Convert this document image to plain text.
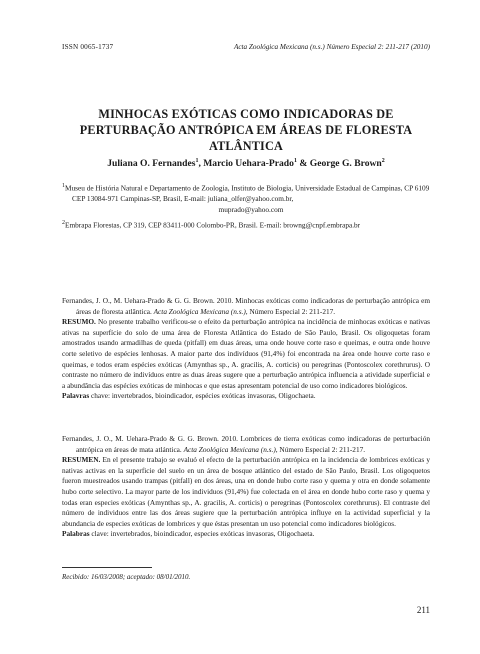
ISSN 0065-1737	Acta Zoológica Mexicana (n.s.) Número Especial 2: 211-217 (2010)
MINHOCAS EXÓTICAS COMO INDICADORAS DE
PERTURBAÇÃO ANTRÓPICA EM ÁREAS DE FLORESTA
ATLÂNTICA
Juliana O. Fernandes$^1$, Marcio Uehara-Prado$^1$ & George G. Brown$^2$
$^1$Museu de História Natural e Departamento de Zoologia, Instituto de Biologia, Universidade Estadual de Campinas, CP 6109 CEP 13084-971 Campinas-SP, Brasil, E-mail: juliana_olfer@yahoo.com.br,
muprado@yahoo.com
$^2$Embrapa Florestas, CP 319, CEP 83411-000 Colombo-PR, Brasil. E-mail: browng@cnpf.embrapa.br
Fernandes, J. O., M. Uehara-Prado & G. G. Brown. 2010. Minhocas exóticas como indicadoras de perturbação antrópica em áreas de floresta atlântica. Acta Zoológica Mexicana (n.s.), Número Especial 2: 211-217.
RESUMO. No presente trabalho verificou-se o efeito da perturbação antrópica na incidência de minhocas exóticas e nativas ativas na superfície do solo de uma área de Floresta Atlântica do Estado de São Paulo, Brasil. Os oligoquetas foram amostrados usando armadilhas de queda (pitfall) em duas áreas, uma onde houve corte raso e queimas, e outra onde houve corte seletivo de espécies lenhosas. A maior parte dos indivíduos (91,4%) foi encontrada na área onde houve corte raso e queimas, e todos eram espécies exóticas (Amynthas sp., A. gracilis, A. corticis) ou peregrinas (Pontoscolex corethrurus). O contraste no número de indivíduos entre as duas áreas sugere que a perturbação antrópica influencia a atividade superficial e a abundância das espécies exóticas de minhocas e que estas apresentam potencial de uso como indicadores biológicos.
Palavras chave: invertebrados, bioindicador, espécies exóticas invasoras, Oligochaeta.
Fernandes, J. O., M. Uehara-Prado & G. G. Brown. 2010. Lombrices de tierra exóticas como indicadoras de perturbación antrópica en áreas de mata atlántica. Acta Zoológica Mexicana (n.s.), Número Especial 2: 211-217.
RESUMEN. En el presente trabajo se evaluó el efecto de la perturbación antrópica en la incidencia de lombrices exóticas y nativas activas en la superficie del suelo en un área de bosque atlántico del estado de São Paulo, Brasil. Los oligoquetos fueron muestreados usando trampas (pitfall) en dos áreas, una en donde hubo corte raso y quema y otra en donde solamente hubo corte selectivo. La mayor parte de los individuos (91,4%) fue colectada en el área en donde hubo corte raso y quema y todas eran especies exóticas (Amynthas sp., A. gracilis, A. corticis) o peregrinas (Pontoscolex corethrurus). El contraste del número de individuos entre las dos áreas sugiere que la perturbación antrópica influye en la actividad superficial y la abundancia de especies exóticas de lombrices y que éstas presentan un uso potencial como indicadores biológicos.
Palabras clave: invertebrados, bioindicador, especies exóticas invasoras, Oligochaeta.
Recibido: 16/03/2008; aceptado: 08/01/2010.
211
